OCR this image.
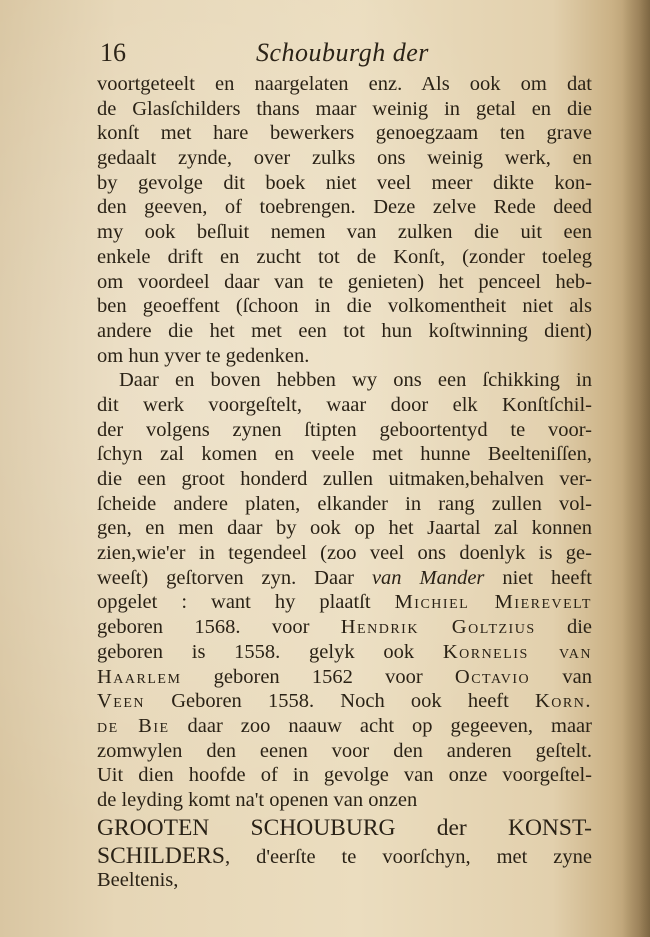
16	Schouburgh der
voortgeteelt en naargelaten enz. Als ook om dat
de Glasſchilders thans maar weinig in getal en die
konſt met hare bewerkers genoegzaam ten grave
gedaalt zynde, over zulks ons weinig werk, en
by gevolge dit boek niet veel meer dikte kon-
den geeven, of toebrengen. Deze zelve Rede deed
my ook beſluit nemen van zulken die uit een
enkele drift en zucht tot de Konſt, (zonder toeleg
om voordeel daar van te genieten) het penceel heb-
ben geoeffent (ſchoon in die volkomentheit niet als
andere die het met een tot hun koſtwinning dient)
om hun yver te gedenken.
Daar en boven hebben wy ons een ſchikking in
dit werk voorgeſtelt, waar door elk Konſtſchil-
der volgens zynen ſtipten geboortentyd te voor-
ſchyn zal komen en veele met hunne Beelteniſſen,
die een groot honderd zullen uitmaken,behalven ver-
ſcheide andere platen, elkander in rang zullen vol-
gen, en men daar by ook op het Jaartal zal konnen
zien,wie'er in tegendeel (zoo veel ons doenlyk is ge-
weeſt) geſtorven zyn. Daar van Mander niet heeft
opgelet : want hy plaatſt Michiel Mierevelt
geboren 1568. voor Hendrik Goltzius die
geboren is 1558. gelyk ook Kornelis van
Haarlem geboren 1562 voor Octavio van
Veen Geboren 1558. Noch ook heeft Korn.
de Bie daar zoo naauw acht op gegeeven, maar
zomwylen den eenen voor den anderen geſtelt.
Uit dien hoofde of in gevolge van onze voorgeſtel-
de leyding komt na't openen van onzen
GROOTEN SCHOUBURG der KONST-
SCHILDERS, d'eerſte te voorſchyn, met zyne
Beeltenis,
